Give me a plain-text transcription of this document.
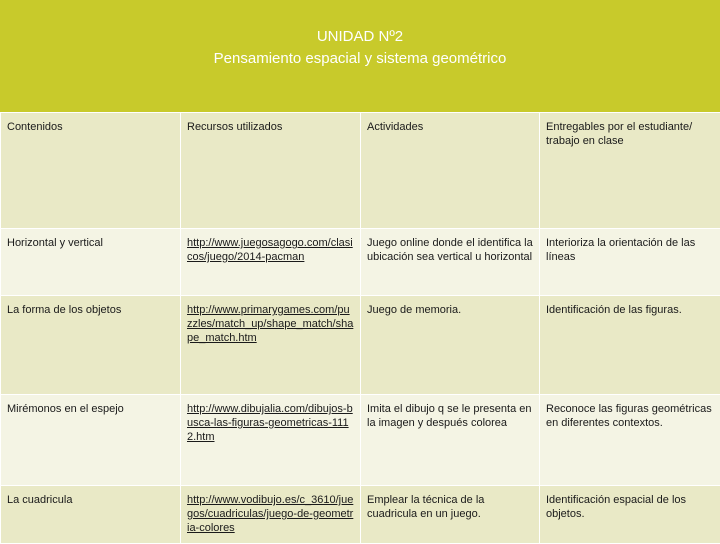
UNIDAD Nº2
Pensamiento espacial y sistema geométrico
Contenidos	Recursos utilizados	Actividades	Entregables por el estudiante/ trabajo en clase
Horizontal y vertical	http://www.juegosagogo.com/clasicos/juego/2014-pacman	Juego online donde el identifica la ubicación sea vertical u horizontal	Interioriza la orientación de las líneas
La forma de los objetos	http://www.primarygames.com/puzzles/match_up/shape_match/shape_match.htm	Juego de memoria.	Identificación de las figuras.
Mirémonos en el espejo	http://www.dibujalia.com/dibujos-busca-las-figuras-geometricas-1112.htm	Imita el dibujo q se le presenta en la imagen y después colorea	Reconoce las figuras geométricas en diferentes contextos.
La cuadricula	http://www.vodibujo.es/c_3610/juegos/cuadriculas/juego-de-geometria-colores	Emplear la técnica de la cuadricula en un juego.	Identificación espacial de los objetos.
